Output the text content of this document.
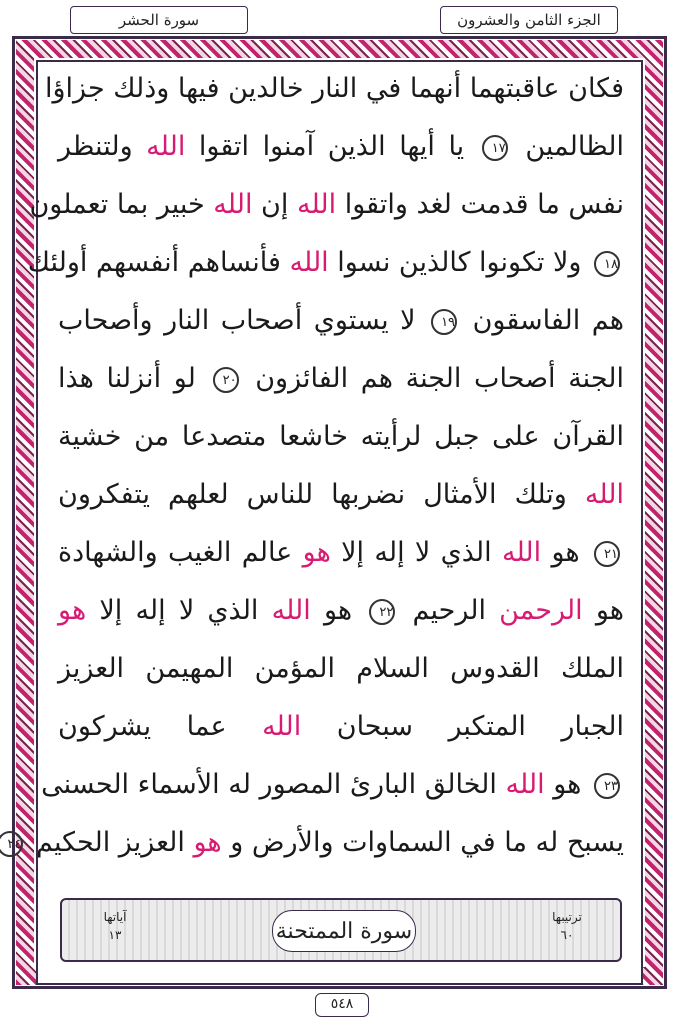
الجزء الثامن والعشرون
سورة الحشر
فكان عاقبتهما أنهما في النار خالدين فيها وذلك جزاؤا
الظالمين ١٧ يا أيها الذين آمنوا اتقوا الله ولتنظر
نفس ما قدمت لغد واتقوا الله إن الله خبير بما تعملون
١٨ ولا تكونوا كالذين نسوا الله فأنساهم أنفسهم أولئك
هم الفاسقون ١٩ لا يستوي أصحاب النار وأصحاب
الجنة أصحاب الجنة هم الفائزون ٢٠ لو أنزلنا هذا
القرآن على جبل لرأيته خاشعا متصدعا من خشية
الله وتلك الأمثال نضربها للناس لعلهم يتفكرون
٢١ هو الله الذي لا إله إلا هو عالم الغيب والشهادة
هو الرحمن الرحيم ٢٢ هو الله الذي لا إله إلا هو
الملك القدوس السلام المؤمن المهيمن العزيز
الجبار المتكبر سبحان الله عما يشركون
٢٣ هو الله الخالق البارئ المصور له الأسماء الحسنى
يسبح له ما في السماوات والأرض و هو العزيز الحكيم ٢٤
ترتيبها
٦٠
سورة الممتحنة
آياتها
١٣
٥٤٨
